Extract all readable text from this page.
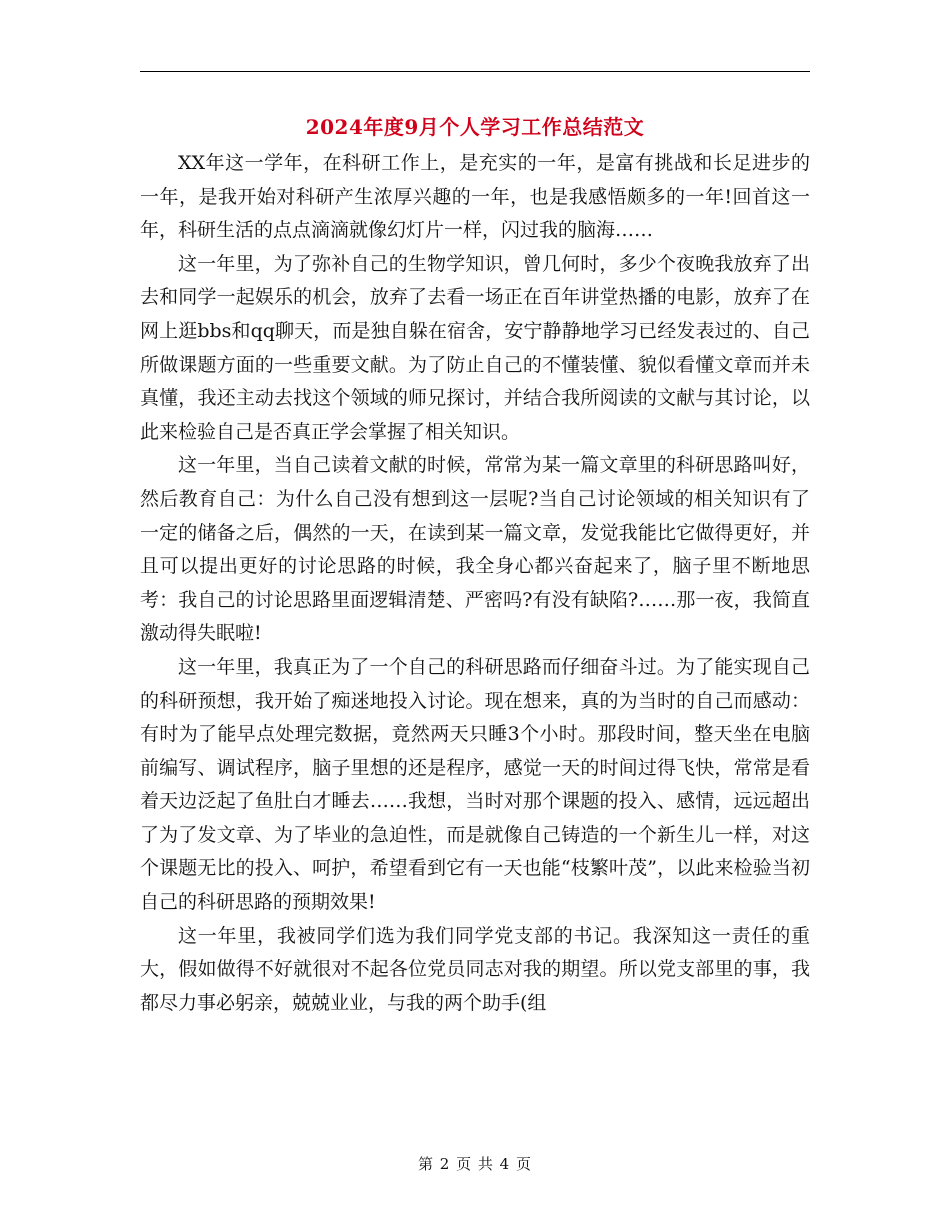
2024年度9月个人学习工作总结范文

XX年这一学年，在科研工作上，是充实的一年，是富有挑战和长足进步的一年，是我开始对科研产生浓厚兴趣的一年，也是我感悟颇多的一年!回首这一年，科研生活的点点滴滴就像幻灯片一样，闪过我的脑海……

这一年里，为了弥补自己的生物学知识，曾几何时，多少个夜晚我放弃了出去和同学一起娱乐的机会，放弃了去看一场正在百年讲堂热播的电影，放弃了在网上逛bbs和qq聊天，而是独自躲在宿舍，安宁静静地学习已经发表过的、自己所做课题方面的一些重要文献。为了防止自己的不懂装懂、貌似看懂文章而并未真懂，我还主动去找这个领域的师兄探讨，并结合我所阅读的文献与其讨论，以此来检验自己是否真正学会掌握了相关知识。

这一年里，当自己读着文献的时候，常常为某一篇文章里的科研思路叫好，然后教育自己：为什么自己没有想到这一层呢?当自己讨论领域的相关知识有了一定的储备之后，偶然的一天，在读到某一篇文章，发觉我能比它做得更好，并且可以提出更好的讨论思路的时候，我全身心都兴奋起来了，脑子里不断地思考：我自己的讨论思路里面逻辑清楚、严密吗?有没有缺陷?……那一夜，我简直激动得失眠啦!

这一年里，我真正为了一个自己的科研思路而仔细奋斗过。为了能实现自己的科研预想，我开始了痴迷地投入讨论。现在想来，真的为当时的自己而感动：有时为了能早点处理完数据，竟然两天只睡3个小时。那段时间，整天坐在电脑前编写、调试程序，脑子里想的还是程序，感觉一天的时间过得飞快，常常是看着天边泛起了鱼肚白才睡去……我想，当时对那个课题的投入、感情，远远超出了为了发文章、为了毕业的急迫性，而是就像自己铸造的一个新生儿一样，对这个课题无比的投入、呵护，希望看到它有一天也能“枝繁叶茂”，以此来检验当初自己的科研思路的预期效果!

这一年里，我被同学们选为我们同学党支部的书记。我深知这一责任的重大，假如做得不好就很对不起各位党员同志对我的期望。所以党支部里的事，我都尽力事必躬亲，兢兢业业，与我的两个助手(组

第 2 页 共 4 页
